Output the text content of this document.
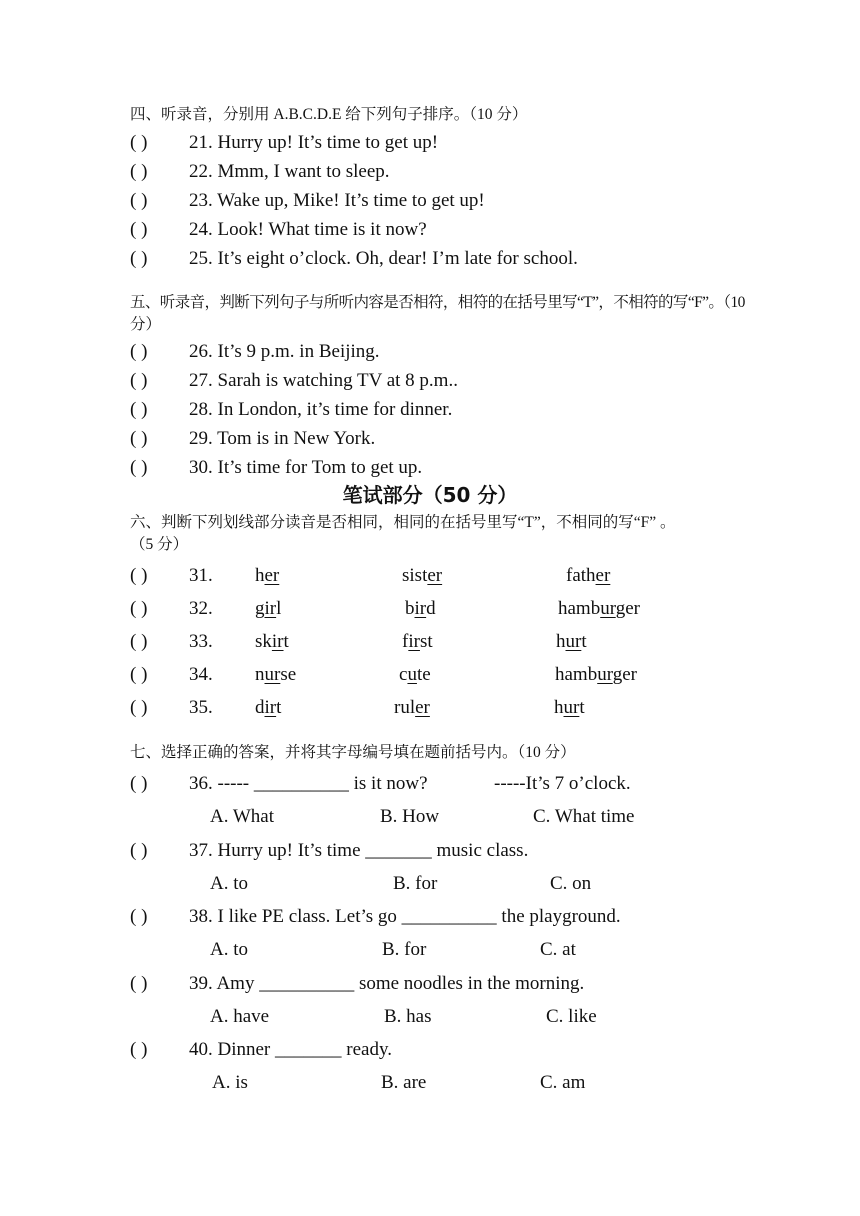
四、听录音，分别用 A.B.C.D.E 给下列句子排序。（10 分）
( ) 21. Hurry up! It’s time to get up!
( ) 22. Mmm, I want to sleep.
( ) 23. Wake up, Mike! It’s time to get up!
( ) 24. Look! What time is it now?
( ) 25. It’s eight o’clock. Oh, dear! I’m late for school.
五、听录音，判断下列句子与所听内容是否相符，相符的在括号里写“T”，不相符的写“F”。（10
分）
( ) 26. It’s 9 p.m. in Beijing.
( ) 27. Sarah is watching TV at 8 p.m..
( ) 28. In London, it’s time for dinner.
( ) 29. Tom is in New York.
( ) 30. It’s time for Tom to get up.
笔试部分（50 分）
六、判断下列划线部分读音是否相同，相同的在括号里写“T”，不相同的写“F” 。
（5 分）
( ) 31. her	sister	father
( ) 32. girl	bird	hamburger
( ) 33. skirt	first	hurt
( ) 34. nurse	cute	hamburger
( ) 35. dirt	ruler	hurt
七、选择正确的答案，并将其字母编号填在题前括号内。（10 分）
( ) 36. ----- __________ is it now?	-----It’s 7 o’clock.
A. What	B. How	C. What time
( ) 37. Hurry up! It’s time _______ music class.
A. to	B. for	C. on
( ) 38. I like PE class. Let’s go __________ the playground.
A. to	B. for	C. at
( ) 39. Amy __________ some noodles in the morning.
A. have	B. has	C. like
( ) 40. Dinner _______ ready.
A. is	B. are	C. am
